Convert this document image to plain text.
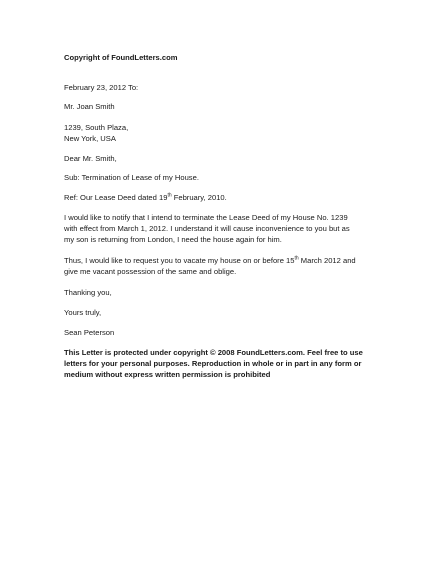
Copyright of FoundLetters.com
February 23, 2012 To:
Mr. Joan Smith
1239, South Plaza,
New York, USA
Dear Mr. Smith,
Sub: Termination of Lease of my House.
Ref: Our Lease Deed dated 19th February, 2010.
I would like to notify that I intend to terminate the Lease Deed of my House No. 1239
with effect from March 1, 2012. I understand it will cause inconvenience to you but as
my son is returning from London, I need the house again for him.
Thus, I would like to request you to vacate my house on or before 15th March 2012 and
give me vacant possession of the same and oblige.
Thanking you,
Yours truly,
Sean Peterson
This Letter is protected under copyright © 2008 FoundLetters.com. Feel free to use
letters for your personal purposes. Reproduction in whole or in part in any form or
medium without express written permission is prohibited
